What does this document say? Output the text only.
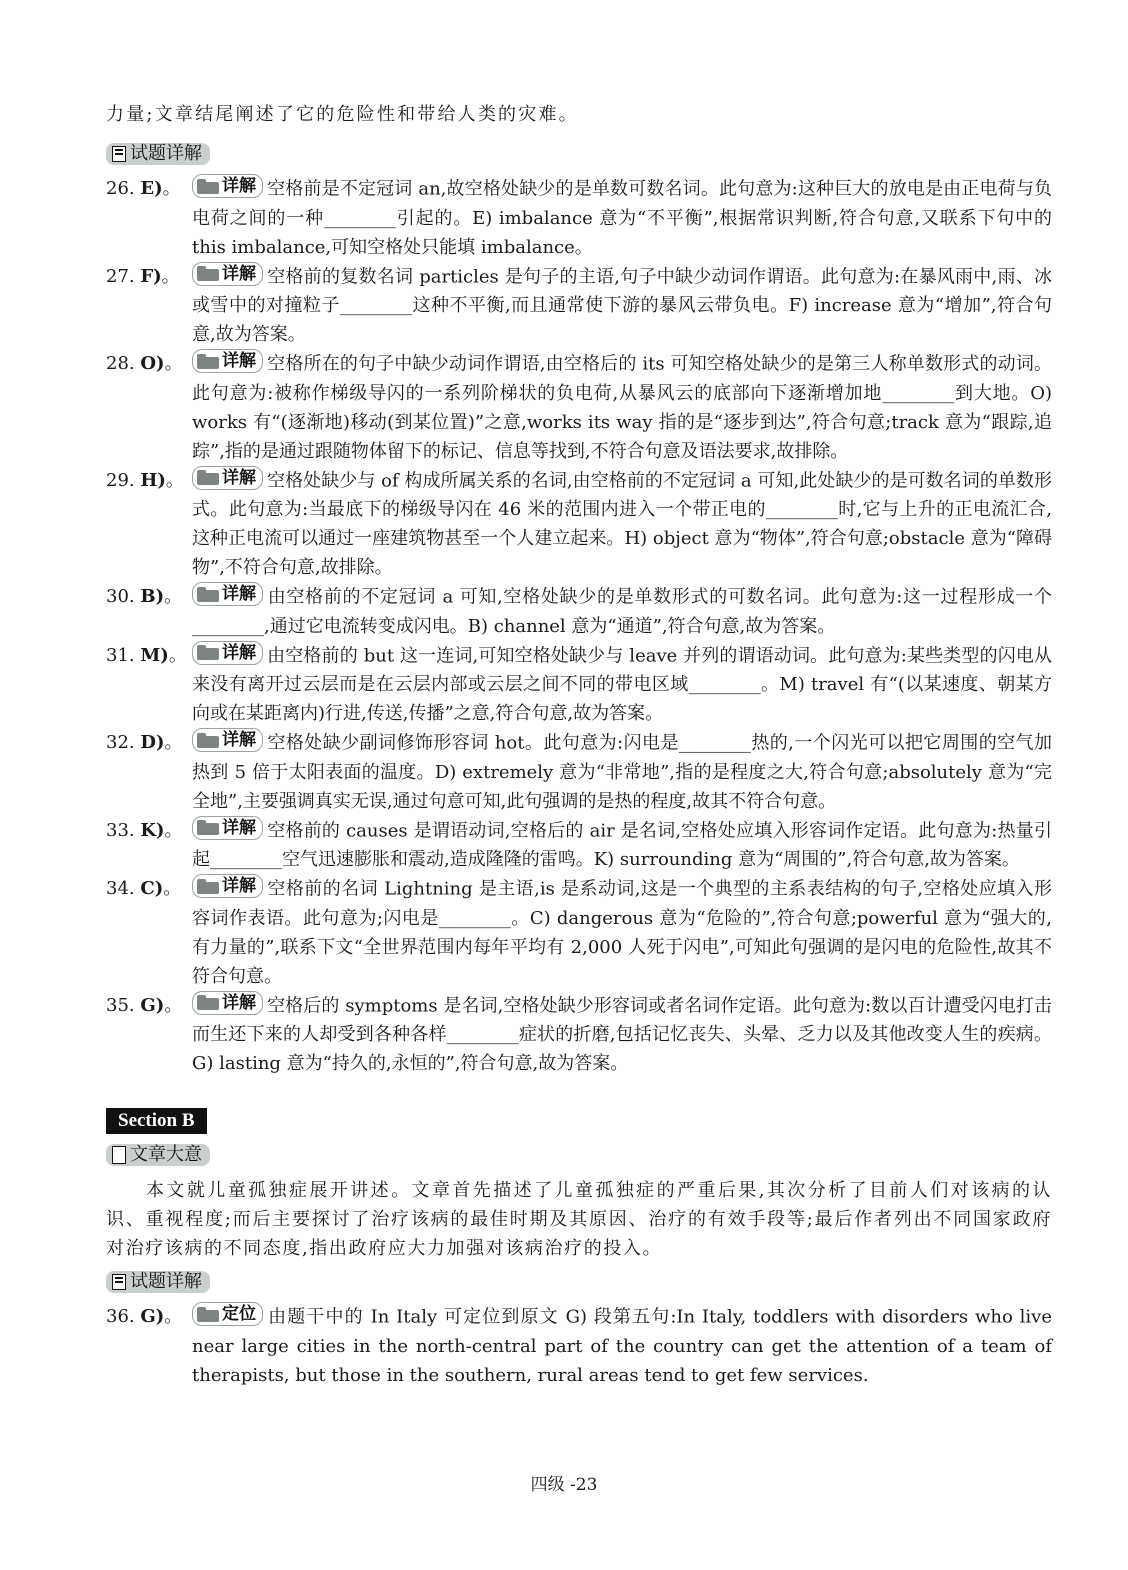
力量;文章结尾阐述了它的危险性和带给人类的灾难。

试题详解
26. E)。	详解 空格前是不定冠词 an,故空格处缺少的是单数可数名词。此句意为:这种巨大的放电是由正电荷与负电荷之间的一种________引起的。E) imbalance 意为“不平衡”,根据常识判断,符合句意,又联系下句中的 this imbalance,可知空格处只能填 imbalance。
27. F)。	详解 空格前的复数名词 particles 是句子的主语,句子中缺少动词作谓语。此句意为:在暴风雨中,雨、冰或雪中的对撞粒子________这种不平衡,而且通常使下游的暴风云带负电。F) increase 意为“增加”,符合句意,故为答案。
28. O)。	详解 空格所在的句子中缺少动词作谓语,由空格后的 its 可知空格处缺少的是第三人称单数形式的动词。此句意为:被称作梯级导闪的一系列阶梯状的负电荷,从暴风云的底部向下逐渐增加地________到大地。O) works 有“(逐渐地)移动(到某位置)”之意,works its way 指的是“逐步到达”,符合句意;track 意为“跟踪,追踪”,指的是通过跟随物体留下的标记、信息等找到,不符合句意及语法要求,故排除。
29. H)。	详解 空格处缺少与 of 构成所属关系的名词,由空格前的不定冠词 a 可知,此处缺少的是可数名词的单数形式。此句意为:当最底下的梯级导闪在 46 米的范围内进入一个带正电的________时,它与上升的正电流汇合,这种正电流可以通过一座建筑物甚至一个人建立起来。H) object 意为“物体”,符合句意;obstacle 意为“障碍物”,不符合句意,故排除。
30. B)。	详解 由空格前的不定冠词 a 可知,空格处缺少的是单数形式的可数名词。此句意为:这一过程形成一个________,通过它电流转变成闪电。B) channel 意为“通道”,符合句意,故为答案。
31. M)。	详解 由空格前的 but 这一连词,可知空格处缺少与 leave 并列的谓语动词。此句意为:某些类型的闪电从来没有离开过云层而是在云层内部或云层之间不同的带电区域________。M) travel 有“(以某速度、朝某方向或在某距离内)行进,传送,传播”之意,符合句意,故为答案。
32. D)。	详解 空格处缺少副词修饰形容词 hot。此句意为:闪电是________热的,一个闪光可以把它周围的空气加热到 5 倍于太阳表面的温度。D) extremely 意为“非常地”,指的是程度之大,符合句意;absolutely 意为“完全地”,主要强调真实无误,通过句意可知,此句强调的是热的程度,故其不符合句意。
33. K)。	详解 空格前的 causes 是谓语动词,空格后的 air 是名词,空格处应填入形容词作定语。此句意为:热量引起________空气迅速膨胀和震动,造成隆隆的雷鸣。K) surrounding 意为“周围的”,符合句意,故为答案。
34. C)。	详解 空格前的名词 Lightning 是主语,is 是系动词,这是一个典型的主系表结构的句子,空格处应填入形容词作表语。此句意为;闪电是________。C) dangerous 意为“危险的”,符合句意;powerful 意为“强大的,有力量的”,联系下文“全世界范围内每年平均有 2,000 人死于闪电”,可知此句强调的是闪电的危险性,故其不符合句意。
35. G)。	详解 空格后的 symptoms 是名词,空格处缺少形容词或者名词作定语。此句意为:数以百计遭受闪电打击而生还下来的人却受到各种各样________症状的折磨,包括记忆丧失、头晕、乏力以及其他改变人生的疾病。G) lasting 意为“持久的,永恒的”,符合句意,故为答案。
Section B
文章大意

本文就儿童孤独症展开讲述。文章首先描述了儿童孤独症的严重后果,其次分析了目前人们对该病的认识、重视程度;而后主要探讨了治疗该病的最佳时期及其原因、治疗的有效手段等;最后作者列出不同国家政府对治疗该病的不同态度,指出政府应大力加强对该病治疗的投入。

试题详解
36. G)。	定位 由题干中的 In Italy 可定位到原文 G) 段第五句:In Italy, toddlers with disorders who live near large cities in the north-central part of the country can get the attention of a team of therapists, but those in the southern, rural areas tend to get few services.
四级 -23
